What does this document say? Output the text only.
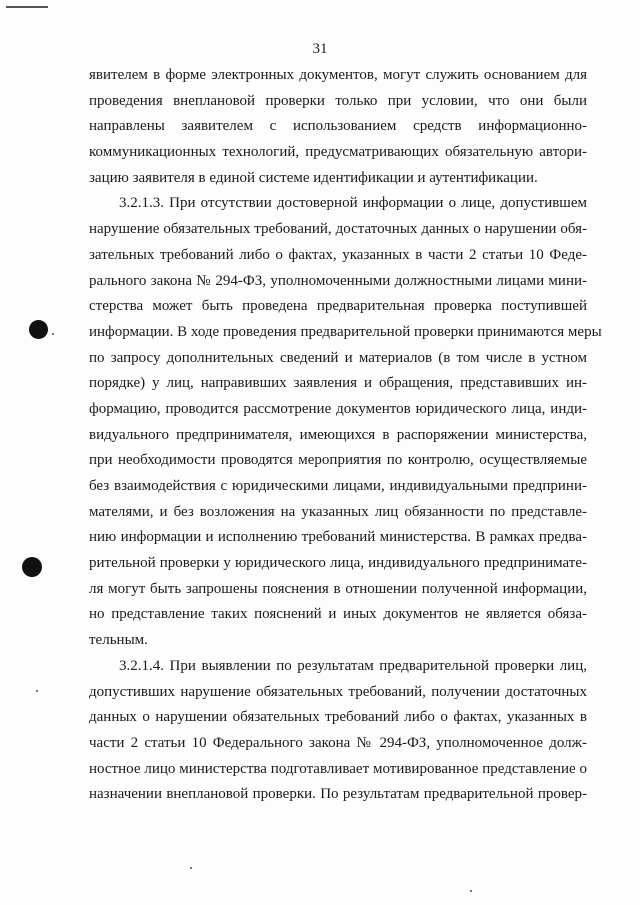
31
явителем в форме электронных документов, могут служить основанием для
проведения внеплановой проверки только при условии, что они были
направлены заявителем с использованием средств информационно-
коммуникационных технологий, предусматривающих обязательную автори-
зацию заявителя в единой системе идентификации и аутентификации.
3.2.1.3. При отсутствии достоверной информации о лице, допустившем
нарушение обязательных требований, достаточных данных о нарушении обя-
зательных требований либо о фактах, указанных в части 2 статьи 10 Феде-
рального закона № 294-ФЗ, уполномоченными должностными лицами мини-
стерства может быть проведена предварительная проверка поступившей
информации. В ходе проведения предварительной проверки принимаются меры
по запросу дополнительных сведений и материалов (в том числе в устном
порядке) у лиц, направивших заявления и обращения, представивших ин-
формацию, проводится рассмотрение документов юридического лица, инди-
видуального предпринимателя, имеющихся в распоряжении министерства,
при необходимости проводятся мероприятия по контролю, осуществляемые
без взаимодействия с юридическими лицами, индивидуальными предприни-
мателями, и без возложения на указанных лиц обязанности по представле-
нию информации и исполнению требований министерства. В рамках предва-
рительной проверки у юридического лица, индивидуального предпринимате-
ля могут быть запрошены пояснения в отношении полученной информации,
но представление таких пояснений и иных документов не является обяза-
тельным.
3.2.1.4. При выявлении по результатам предварительной проверки лиц,
допустивших нарушение обязательных требований, получении достаточных
данных о нарушении обязательных требований либо о фактах, указанных в
части 2 статьи 10 Федерального закона № 294-ФЗ, уполномоченное долж-
ностное лицо министерства подготавливает мотивированное представление о
назначении внеплановой проверки. По результатам предварительной провер-
